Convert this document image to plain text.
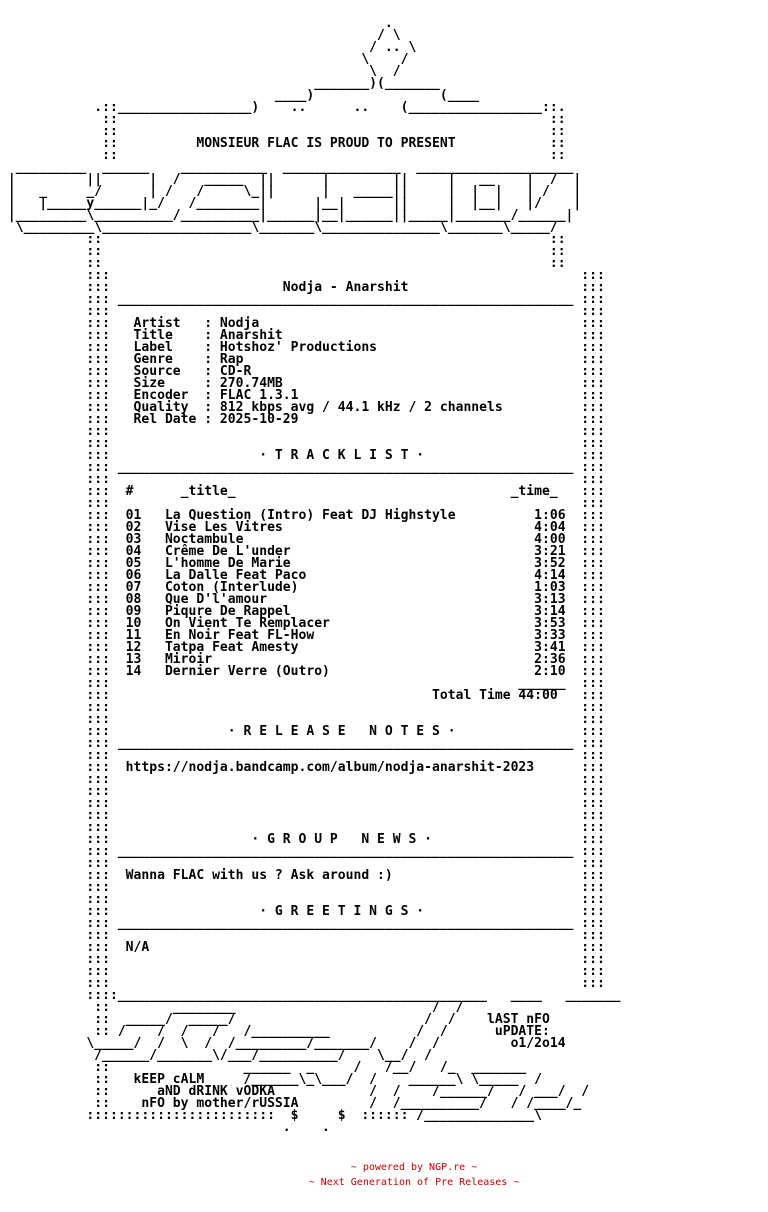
.
/ \
/ .. \
\    /
\  /
_______)(_______
____)                (____
.::_________________)    ..      ..    (_________________::.
::                                                       ::
::                                                       ::
::          MONSIEUR FLAC IS PROUD TO PRESENT            ::
::                                                       ::
_________  ______    ___________  _______________  ____________________
|         ||      |  /   _____  ||      |        ||     |   __    |  /  |
|   _     _/      | /   /     \_||      |   _____||     |  |  |   | /   |
|   |_____y______|_/   /________|      |__|      ||     |  |__|   |/    |
|_________\__________/__________|______|__|______||_____|_______/______|
\_________\___________________\_______\_______________\_______\_____/
::                                                         ::
::                                                         ::
::                                                         ::
:::                                                            :::
:::                      Nodja - Anarshit                      :::
::: __________________________________________________________ :::
:::                                                            :::
:::   Artist   : Nodja                                         :::
:::   Title    : Anarshit                                      :::
:::   Label    : Hotshoz' Productions                          :::
:::   Genre    : Rap                                           :::
:::   Source   : CD-R                                          :::
:::   Size     : 270.74MB                                      :::
:::   Encoder  : FLAC 1.3.1                                    :::
:::   Quality  : 812 kbps avg / 44.1 kHz / 2 channels          :::
:::   Rel Date : 2025-10-29                                    :::
:::                                                            :::
:::                                                            :::
:::                   · T R A C K L I S T ·                    :::
::: __________________________________________________________ :::
:::                                                            :::
:::  #      _title_                                   _time_   :::
:::                                                            :::
:::  01   La Question (Intro) Feat DJ Highstyle          1:06  :::
:::  02   Vise Les Vitres                                4:04  :::
:::  03   Noctambule                                     4:00  :::
:::  04   Crême De L'under                               3:21  :::
:::  05   L'homme De Marie                               3:52  :::
:::  06   La Dalle Feat Paco                             4:14  :::
:::  07   Coton (Interlude)                              1:03  :::
:::  08   Que D'l'amour                                  3:13  :::
:::  09   Piqure De Rappel                               3:14  :::
:::  10   On Vient Te Remplacer                          3:53  :::
:::  11   En Noir Feat FL-How                            3:33  :::
:::  12   Tatpa Feat Amesty                              3:41  :::
:::  13   Miroir                                         2:36  :::
:::  14   Dernier Verre (Outro)                          2:10  :::
:::                                                    ______  :::
:::                                         Total Time 44:00   :::
:::                                                            :::
:::                                                            :::
:::               · R E L E A S E   N O T E S ·                :::
::: __________________________________________________________ :::
:::                                                            :::
:::  https://nodja.bandcamp.com/album/nodja-anarshit-2023      :::
:::                                                            :::
:::                                                            :::
:::                                                            :::
:::                                                            :::
:::                                                            :::
:::                  · G R O U P   N E W S ·                   :::
::: __________________________________________________________ :::
:::                                                            :::
:::  Wanna FLAC with us ? Ask around :)                        :::
:::                                                            :::
:::                                                            :::
:::                   · G R E E T I N G S ·                    :::
::: __________________________________________________________ :::
:::                                                            :::
:::  N/A                                                       :::
:::                                                            :::
:::                                                            :::
:::                                                            :::
::::_______________________________________________   ____   _______
::        ________                         /  /
::  _____/  _____/                        /  /    lAST nFO
:: /    /  /   /   /__________           /  /      uPDATE:
\_____/  /  \  /  /_________/_______/    /  /         o1/2o14
/______/_______\/___/__________/    \__/  /
::                 ______  _     /   /__/   /_  _______
::   kEEP cALM     /______\_\___/  /    ______\ \_____  /
::      aND dRINK vODKA            /  /    /______/   / ___/  /
::    nFO by mother/rUSSIA         /  /__________/   / /____/_
::::::::::::::::::::::::  $     $  :::::: /______________\
.    .
~ powered by NGP.re ~
~ Next Generation of Pre Releases ~
